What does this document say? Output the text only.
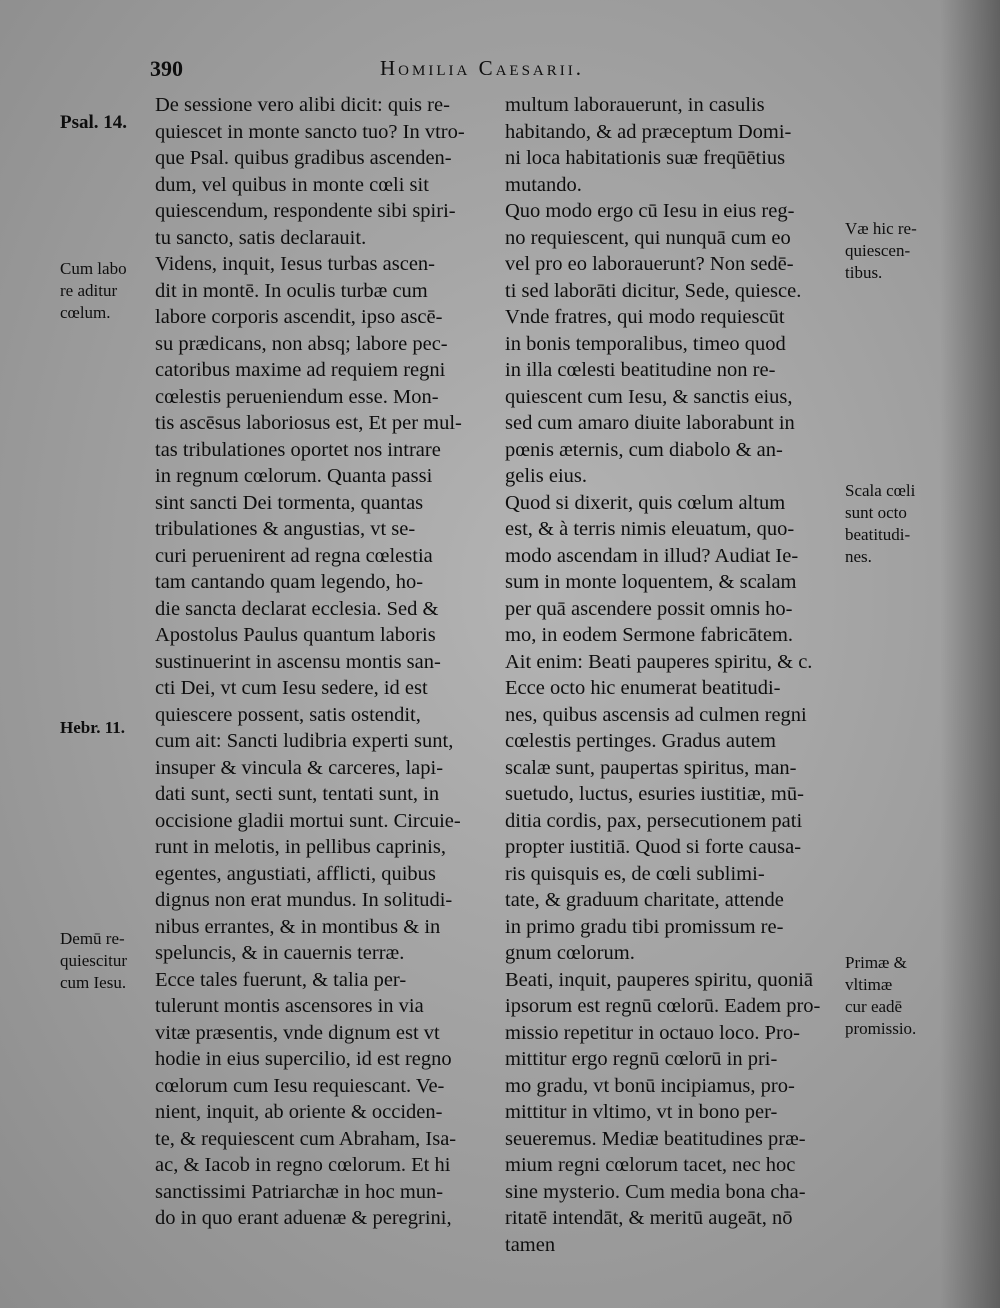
390	Homilia Caesarii.
De sessione vero alibi dicit: quis re-
quiescet in monte sancto tuo? In vtro-
que Psal. quibus gradibus ascenden-
dum, vel quibus in monte cœli sit
quiescendum, respondente sibi spiri-
tu sancto, satis declarauit.
Videns, inquit, Iesus turbas ascen-
dit in montē. In oculis turbæ cum
labore corporis ascendit, ipso ascē-
su prædicans, non absq; labore pec-
catoribus maxime ad requiem regni
cœlestis perueniendum esse. Mon-
tis ascēsus laboriosus est, Et per mul-
tas tribulationes oportet nos intrare
in regnum cœlorum. Quanta passi
sint sancti Dei tormenta, quantas
tribulationes & angustias, vt se-
curi peruenirent ad regna cœlestia
tam cantando quam legendo, ho-
die sancta declarat ecclesia. Sed &
Apostolus Paulus quantum laboris
sustinuerint in ascensu montis san-
cti Dei, vt cum Iesu sedere, id est
quiescere possent, satis ostendit,
cum ait: Sancti ludibria experti sunt,
insuper & vincula & carceres, lapi-
dati sunt, secti sunt, tentati sunt, in
occisione gladii mortui sunt. Circuie-
runt in melotis, in pellibus caprinis,
egentes, angustiati, afflicti, quibus
dignus non erat mundus. In solitudi-
nibus errantes, & in montibus & in
speluncis, & in cauernis terræ.
Ecce tales fuerunt, & talia per-
tulerunt montis ascensores in via
vitæ præsentis, vnde dignum est vt
hodie in eius supercilio, id est regno
cœlorum cum Iesu requiescant. Ve-
nient, inquit, ab oriente & occiden-
te, & requiescent cum Abraham, Isa-
ac, & Iacob in regno cœlorum. Et hi
sanctissimi Patriarchæ in hoc mun-
do in quo erant aduenæ & peregrini,
multum laborauerunt, in casulis
habitando, & ad præceptum Domi-
ni loca habitationis suæ freqūētius
mutando.
Quo modo ergo cū Iesu in eius reg-
no requiescent, qui nunquā cum eo
vel pro eo laborauerunt? Non sedē-
ti sed laborāti dicitur, Sede, quiesce.
Vnde fratres, qui modo requiescūt
in bonis temporalibus, timeo quod
in illa cœlesti beatitudine non re-
quiescent cum Iesu, & sanctis eius,
sed cum amaro diuite laborabunt in
pœnis æternis, cum diabolo & an-
gelis eius.
Quod si dixerit, quis cœlum altum
est, & à terris nimis eleuatum, quo-
modo ascendam in illud? Audiat Ie-
sum in monte loquentem, & scalam
per quā ascendere possit omnis ho-
mo, in eodem Sermone fabricātem.
Ait enim: Beati pauperes spiritu, & c.
Ecce octo hic enumerat beatitudi-
nes, quibus ascensis ad culmen regni
cœlestis pertinges. Gradus autem
scalæ sunt, paupertas spiritus, man-
suetudo, luctus, esuries iustitiæ, mū-
ditia cordis, pax, persecutionem pati
propter iustitiā. Quod si forte causa-
ris quisquis es, de cœli sublimi-
tate, & graduum charitate, attende
in primo gradu tibi promissum re-
gnum cœlorum.
Beati, inquit, pauperes spiritu, quoniā
ipsorum est regnū cœlorū. Eadem pro-
missio repetitur in octauo loco. Pro-
mittitur ergo regnū cœlorū in pri-
mo gradu, vt bonū incipiamus, pro-
mittitur in vltimo, vt in bono per-
seueremus. Mediæ beatitudines præ-
mium regni cœlorum tacet, nec hoc
sine mysterio. Cum media bona cha-
ritatē intendāt, & meritū augeāt, nō
tamen
Psal. 14.
Cum labo
re aditur
cœlum.
Hebr. 11.
Demū re-
quiescitur
cum Iesu.
Væ hic re-
quiescen-
tibus.
Scala cœli
sunt octo
beatitudi-
nes.
Primæ &
vltimæ
cur eadē
promissio.
